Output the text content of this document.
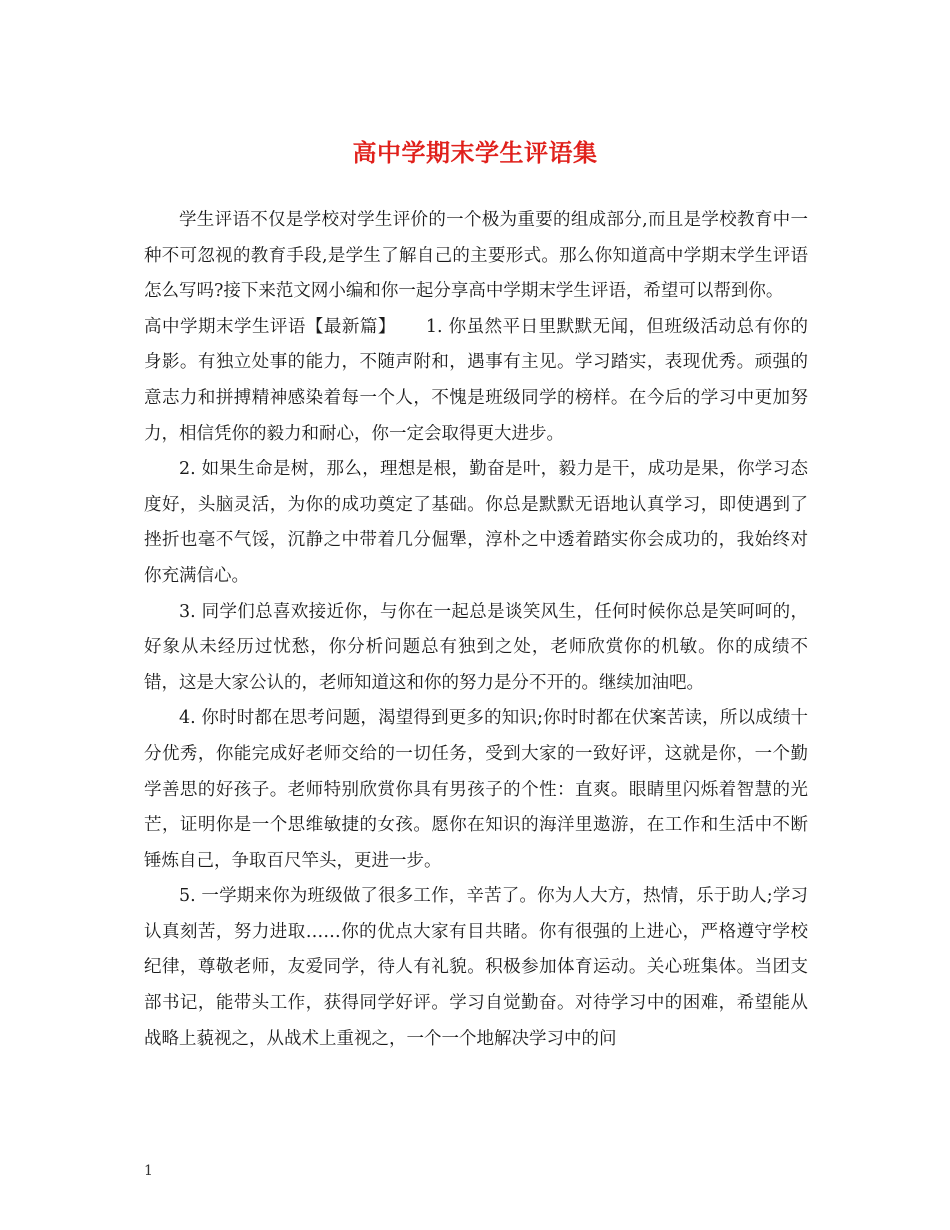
高中学期末学生评语集

学生评语不仅是学校对学生评价的一个极为重要的组成部分,而且是学校教育中一种不可忽视的教育手段,是学生了解自己的主要形式。那么你知道高中学期末学生评语怎么写吗?接下来范文网小编和你一起分享高中学期末学生评语，希望可以帮到你。

高中学期末学生评语【最新篇】 1. 你虽然平日里默默无闻，但班级活动总有你的身影。有独立处事的能力，不随声附和，遇事有主见。学习踏实，表现优秀。顽强的意志力和拼搏精神感染着每一个人，不愧是班级同学的榜样。在今后的学习中更加努力，相信凭你的毅力和耐心，你一定会取得更大进步。

2. 如果生命是树，那么，理想是根，勤奋是叶，毅力是干，成功是果，你学习态度好，头脑灵活，为你的成功奠定了基础。你总是默默无语地认真学习，即使遇到了挫折也毫不气馁，沉静之中带着几分倔犟，淳朴之中透着踏实你会成功的，我始终对你充满信心。

3. 同学们总喜欢接近你，与你在一起总是谈笑风生，任何时候你总是笑呵呵的，好象从未经历过忧愁，你分析问题总有独到之处，老师欣赏你的机敏。你的成绩不错，这是大家公认的，老师知道这和你的努力是分不开的。继续加油吧。

4. 你时时都在思考问题，渴望得到更多的知识;你时时都在伏案苦读，所以成绩十分优秀，你能完成好老师交给的一切任务，受到大家的一致好评，这就是你，一个勤学善思的好孩子。老师特别欣赏你具有男孩子的个性：直爽。眼睛里闪烁着智慧的光芒，证明你是一个思维敏捷的女孩。愿你在知识的海洋里遨游，在工作和生活中不断锤炼自己，争取百尺竿头，更进一步。

5. 一学期来你为班级做了很多工作，辛苦了。你为人大方，热情，乐于助人;学习认真刻苦，努力进取……你的优点大家有目共睹。你有很强的上进心，严格遵守学校纪律，尊敬老师，友爱同学，待人有礼貌。积极参加体育运动。关心班集体。当团支部书记，能带头工作，获得同学好评。学习自觉勤奋。对待学习中的困难，希望能从战略上藐视之，从战术上重视之，一个一个地解决学习中的问

1
